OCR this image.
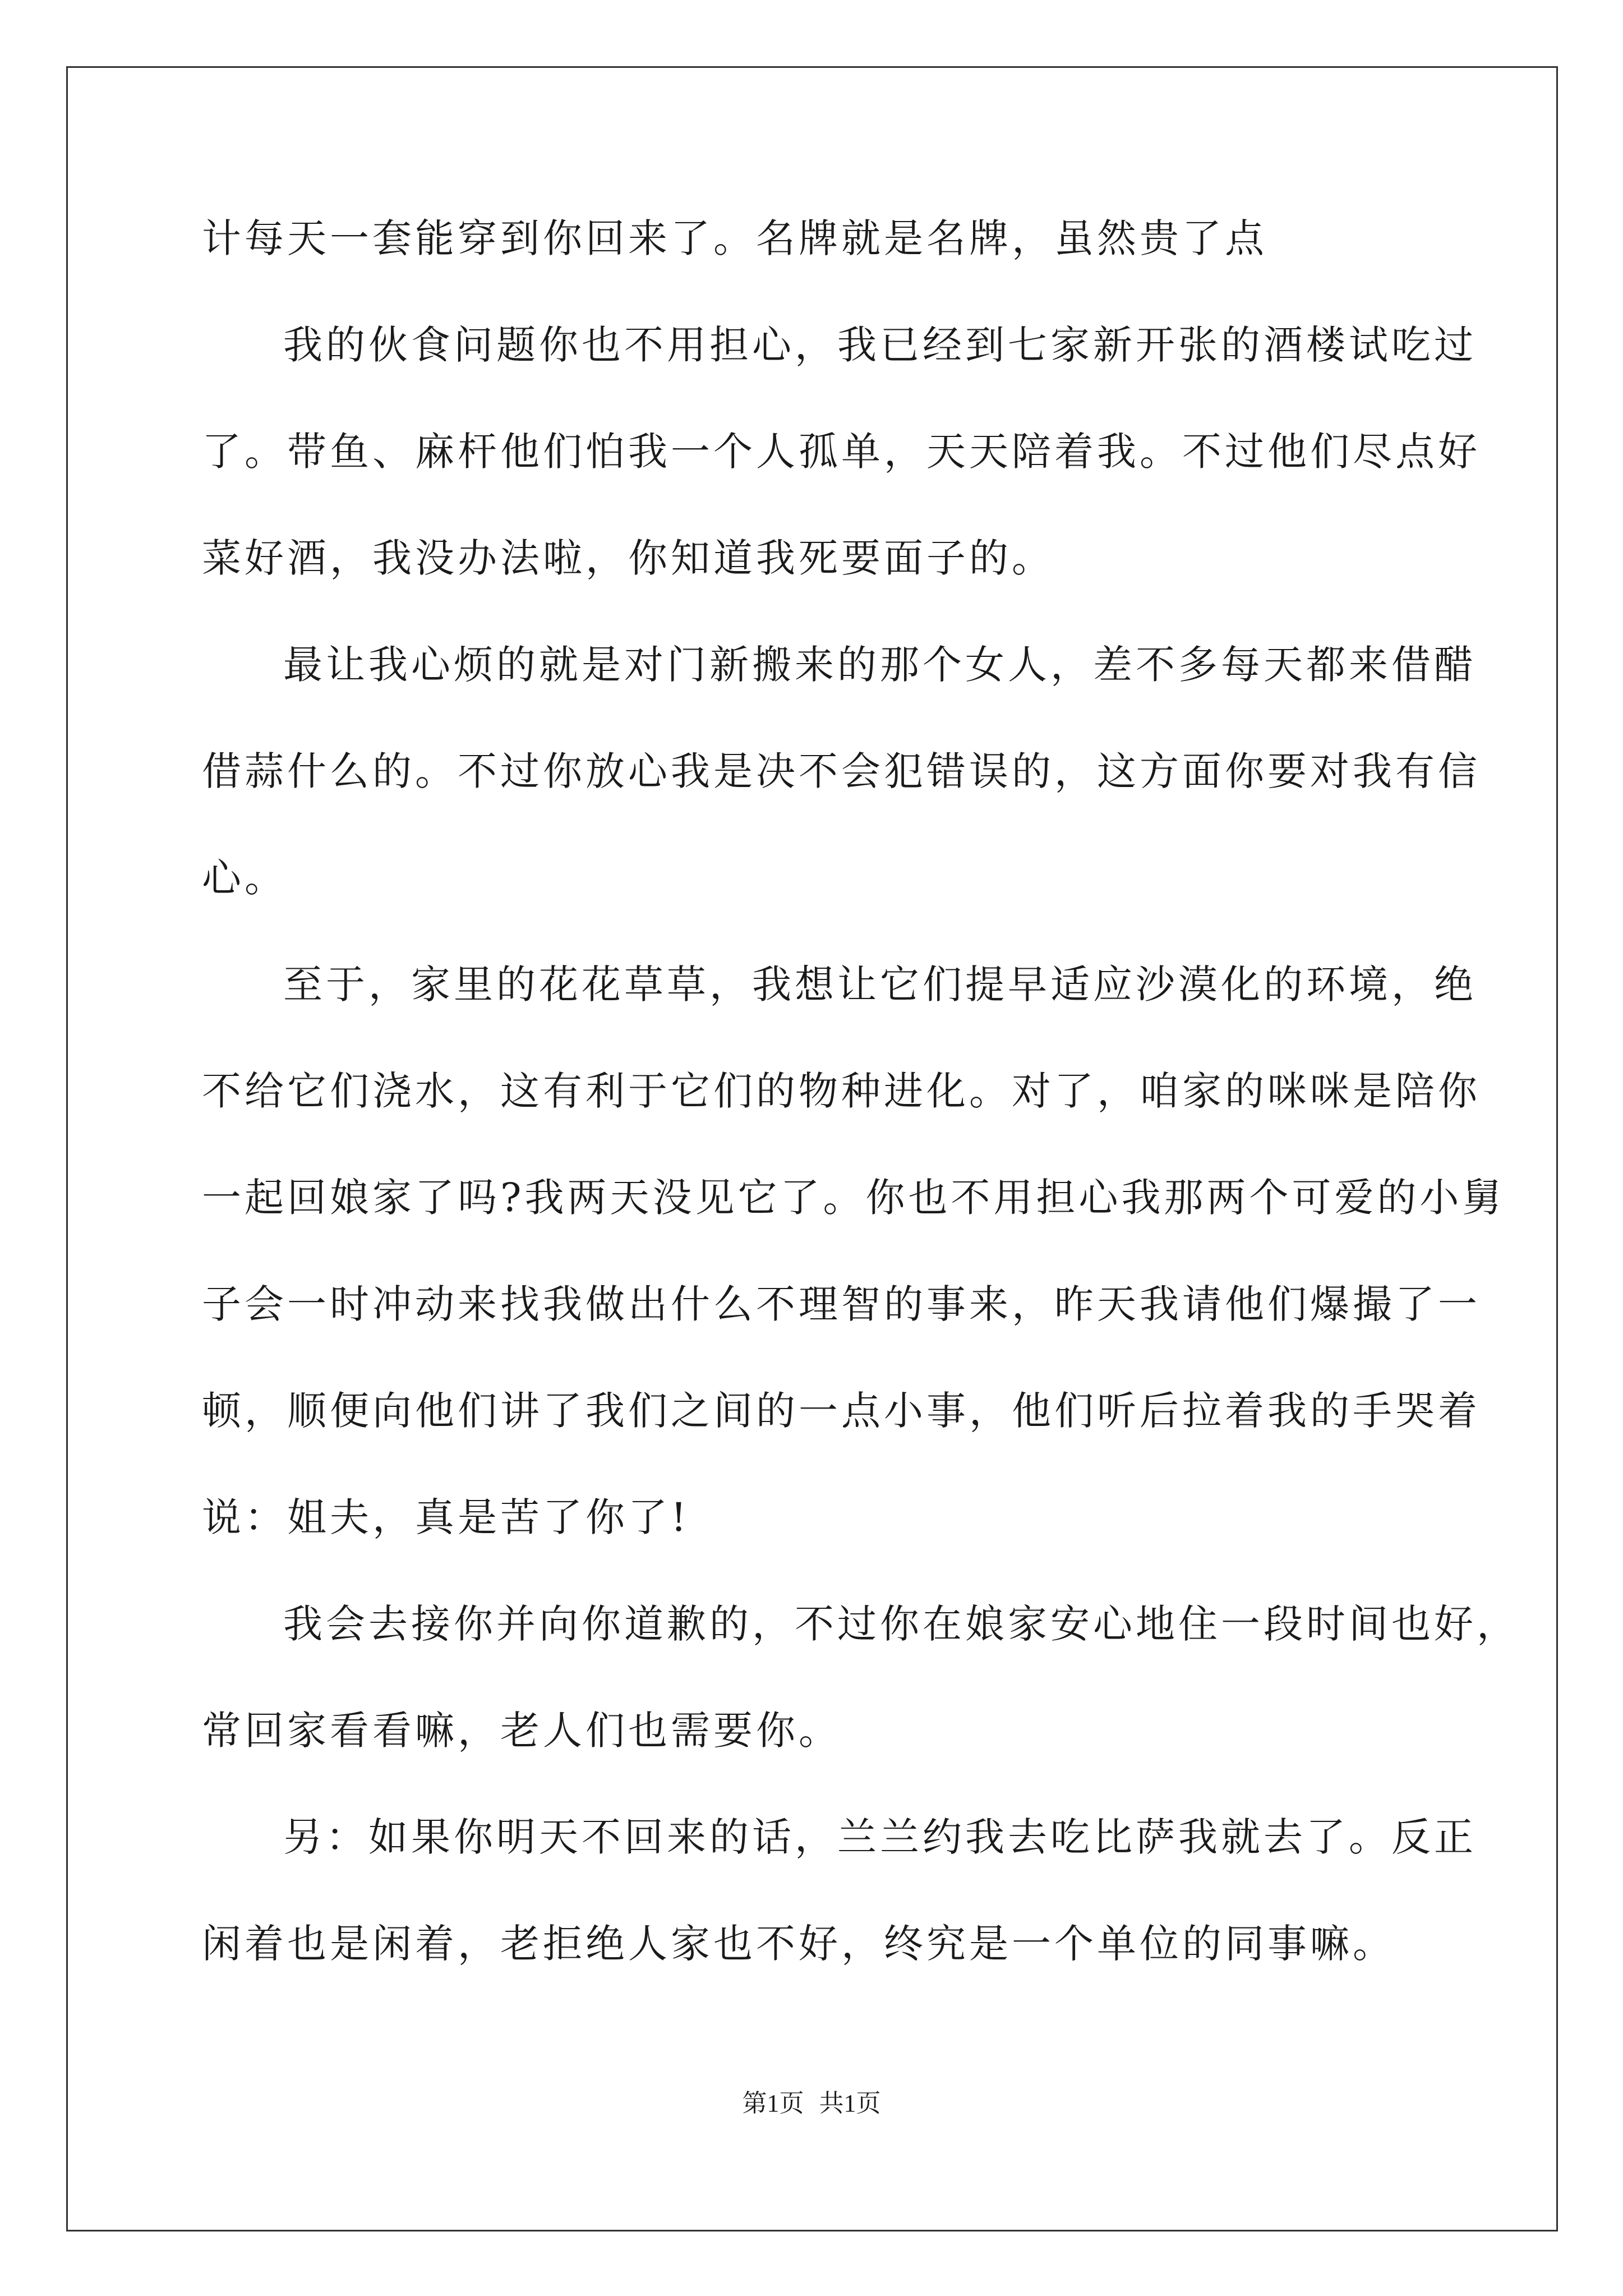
计每天一套能穿到你回来了。名牌就是名牌，虽然贵了点
我的伙食问题你也不用担心，我已经到七家新开张的酒楼试吃过
了。带鱼、麻杆他们怕我一个人孤单，天天陪着我。不过他们尽点好
菜好酒，我没办法啦，你知道我死要面子的。
最让我心烦的就是对门新搬来的那个女人，差不多每天都来借醋
借蒜什么的。不过你放心我是决不会犯错误的，这方面你要对我有信
心。
至于，家里的花花草草，我想让它们提早适应沙漠化的环境，绝
不给它们浇水，这有利于它们的物种进化。对了，咱家的咪咪是陪你
一起回娘家了吗?我两天没见它了。你也不用担心我那两个可爱的小舅
子会一时冲动来找我做出什么不理智的事来，昨天我请他们爆撮了一
顿，顺便向他们讲了我们之间的一点小事，他们听后拉着我的手哭着
说：姐夫，真是苦了你了!
我会去接你并向你道歉的，不过你在娘家安心地住一段时间也好，
常回家看看嘛，老人们也需要你。
另：如果你明天不回来的话，兰兰约我去吃比萨我就去了。反正
闲着也是闲着，老拒绝人家也不好，终究是一个单位的同事嘛。
第1页 共1页
